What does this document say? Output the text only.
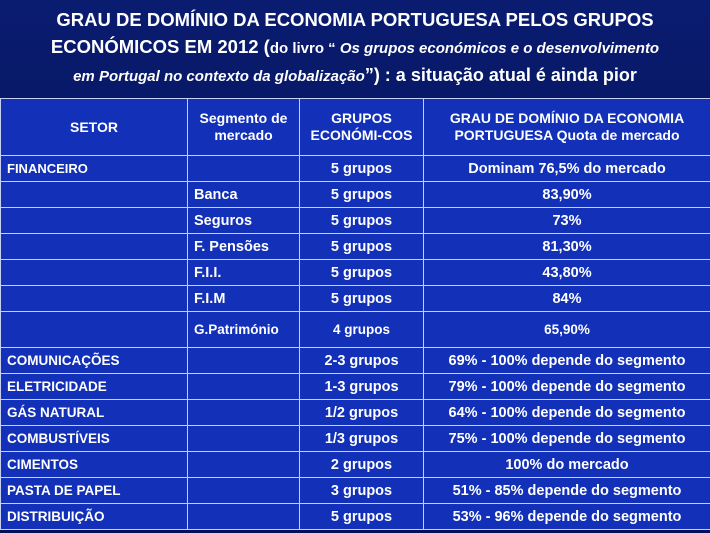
GRAU DE DOMÍNIO DA ECONOMIA PORTUGUESA PELOS GRUPOS
ECONÓMICOS EM 2012 (do livro “ Os grupos económicos e o desenvolvimento
em Portugal no contexto da globalização”) : a situação atual é ainda pior
SETOR	Segmento de mercado	GRUPOS ECONÓMI-COS	GRAU DE DOMÍNIO DA ECONOMIA PORTUGUESA Quota de mercado
FINANCEIRO		5 grupos	Dominam 76,5% do mercado
	Banca	5 grupos	83,90%
	Seguros	5 grupos	73%
	F. Pensões	5 grupos	81,30%
	F.I.I.	5 grupos	43,80%
	F.I.M	5 grupos	84%
	G.Património	4 grupos	65,90%
COMUNICAÇÕES		2-3 grupos	69% - 100% depende do segmento
ELETRICIDADE		1-3 grupos	79% - 100% depende do segmento
GÁS NATURAL		1/2 grupos	64% - 100% depende do segmento
COMBUSTÍVEIS		1/3 grupos	75% - 100% depende do segmento
CIMENTOS		2 grupos	100% do mercado
PASTA DE PAPEL		3 grupos	51% - 85% depende do segmento
DISTRIBUIÇÃO		5 grupos	53% - 96% depende do segmento
